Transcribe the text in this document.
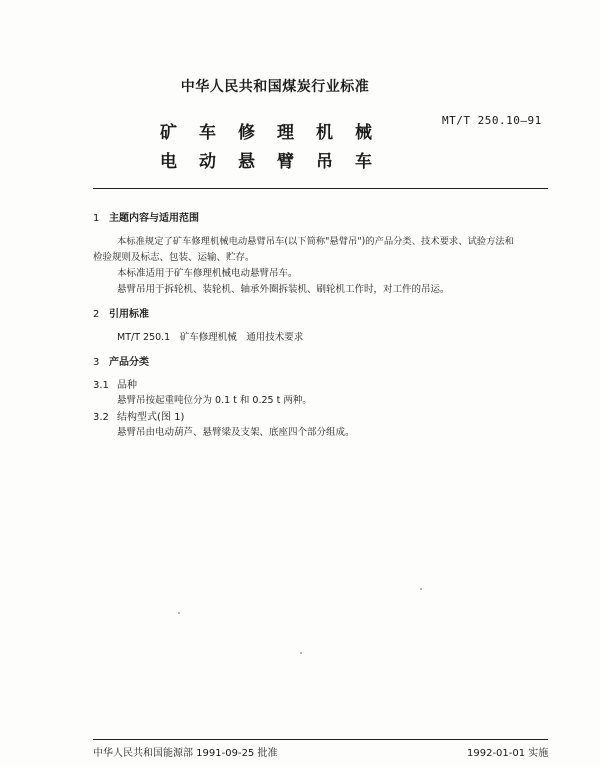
中华人民共和国煤炭行业标准
MT/T 250.10—91
矿车修理机械
电动悬臂吊车
1 主题内容与适用范围
本标准规定了矿车修理机械电动悬臂吊车(以下简称"悬臂吊")的产品分类、技术要求、试验方法和
检验规则及标志、包装、运输、贮存。
本标准适用于矿车修理机械电动悬臂吊车。
悬臂吊用于拆轮机、装轮机、轴承外圈拆装机、刷轮机工作时，对工件的吊运。
2 引用标准
MT/T 250.1　矿车修理机械　通用技术要求
3 产品分类
3.1 品种
悬臂吊按起重吨位分为 0.1 t 和 0.25 t 两种。
3.2 结构型式(图 1)
悬臂吊由电动葫芦、悬臂梁及支架、底座四个部分组成。
中华人民共和国能源部 1991-09-25 批准	1992-01-01 实施
